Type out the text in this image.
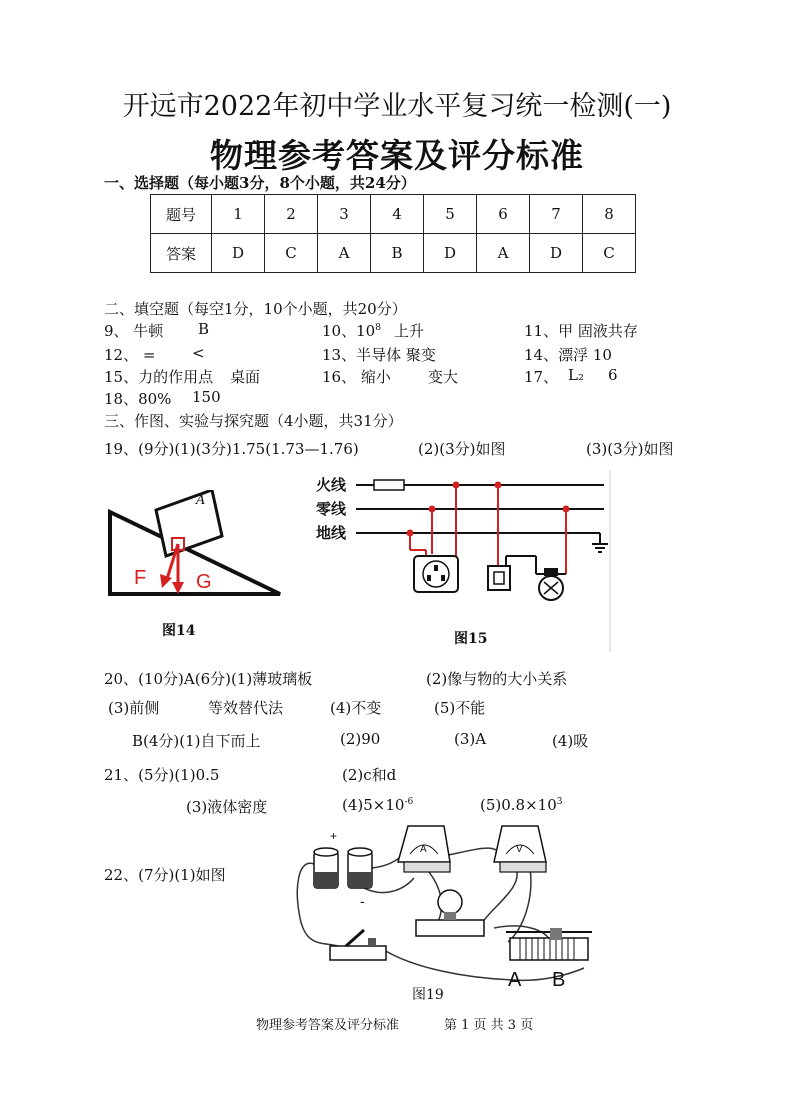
开远市2022年初中学业水平复习统一检测(一)
物理参考答案及评分标准
一、选择题（每小题3分，8个小题，共24分）
题号	1	2	3	4	5	6	7	8
答案	D	C	A	B	D	A	D	C
二、填空题（每空1分，10个小题，共20分）
9、 牛顿 B	10、$10^8$ 上升	11、甲 固液共存
12、 = <	13、半导体 聚变	14、漂浮 10
15、力的作用点 桌面	16、 缩小 变大	17、 L₂ 6
18、80% 150
三、作图、实验与探究题（4小题，共31分）
19、(9分)(1)(3分)1.75(1.73—1.76)	(2)(3分)如图	(3)(3分)如图
A
F G
图14
火线
零线
地线
图15
20、(10分)A(6分)(1)薄玻璃板	(2)像与物的大小关系
(3)前侧	等效替代法	(4)不变	(5)不能
B(4分)(1)自下而上	(2)90	(3)A	(4)吸
21、(5分)(1)0.5	(2)c和d
(3)液体密度	$(4)5\times 10^{-6}$	$(5)0.8\times 10^3$
22、(7分)(1)如图
+
-
A	V
A B
图19
物理参考答案及评分标准	第 1 页 共 3 页
